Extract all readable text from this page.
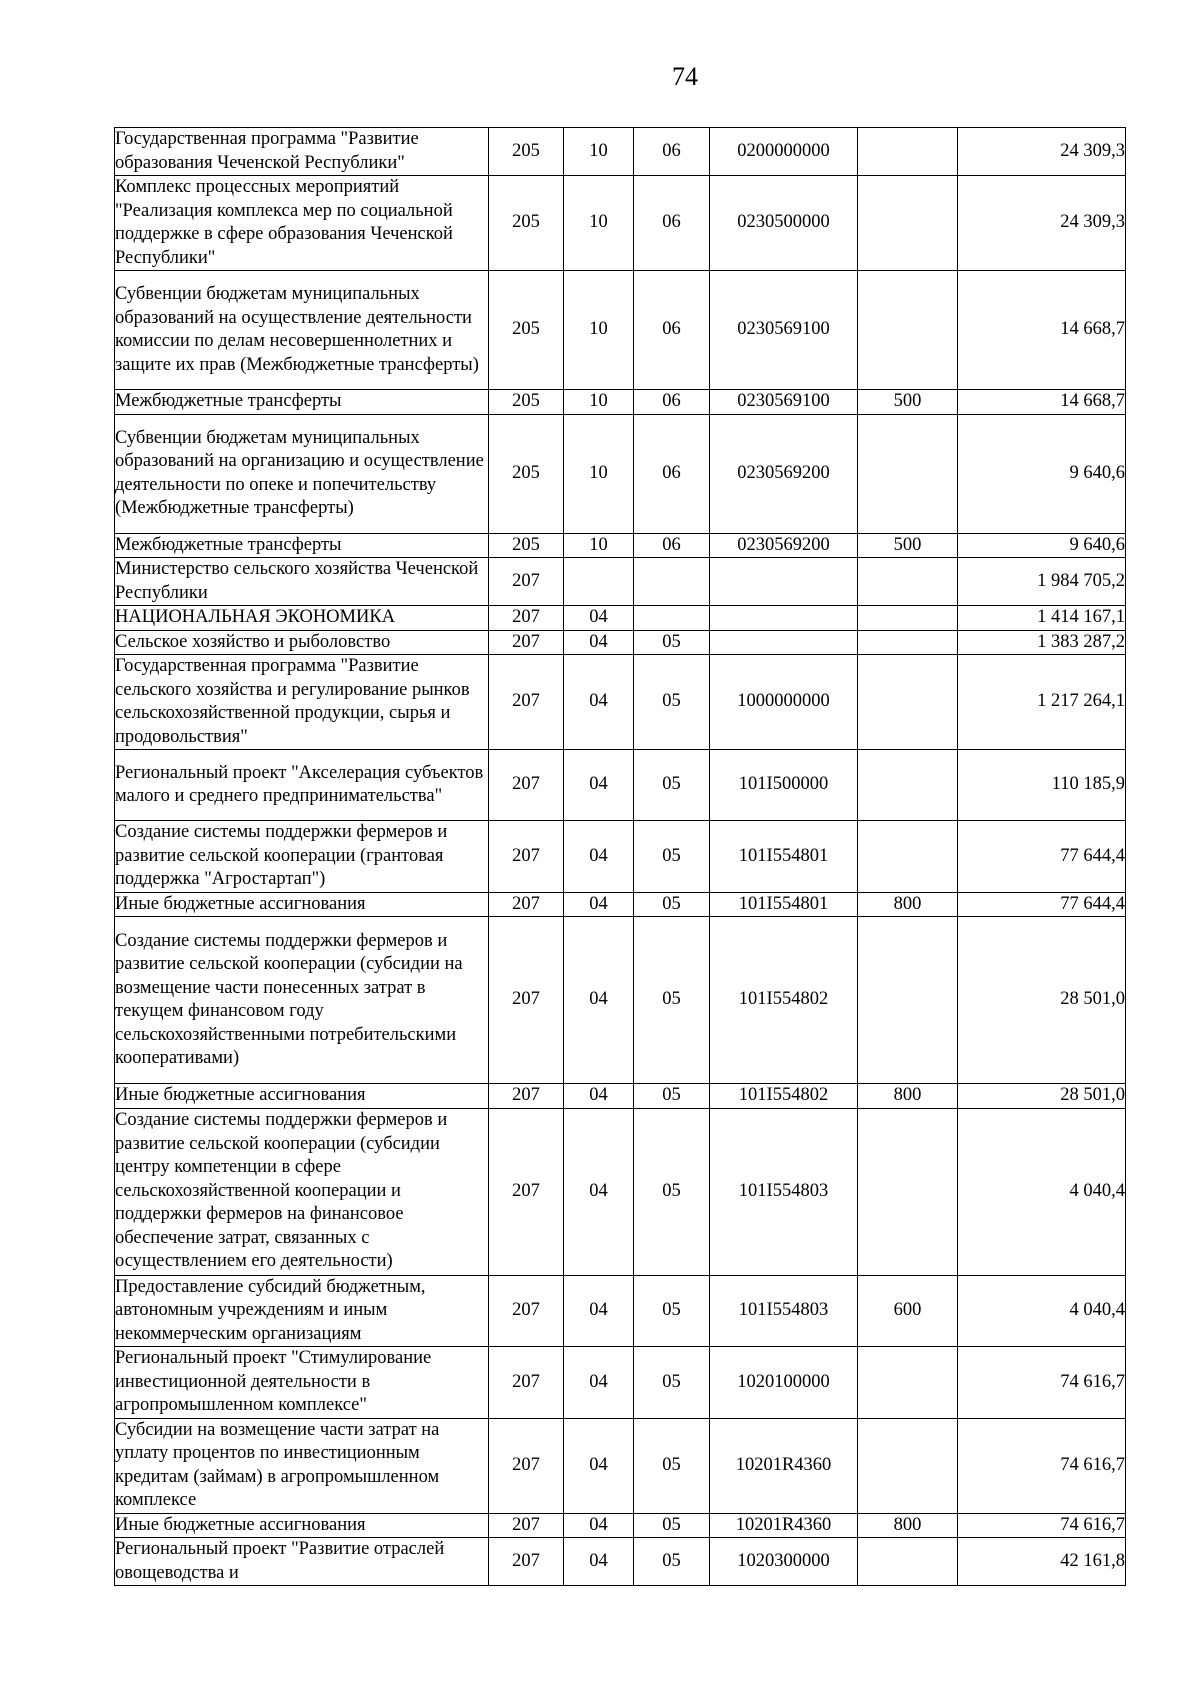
74
Государственная программа "Развитие образования Чеченской Республики"	205	10	06	0200000000		24 309,3
Комплекс процессных мероприятий "Реализация комплекса мер по социальной поддержке в сфере образования Чеченской Республики"	205	10	06	0230500000		24 309,3
Субвенции бюджетам муниципальных образований на осуществление деятельности комиссии по делам несовершеннолетних и защите их прав (Межбюджетные трансферты)	205	10	06	0230569100		14 668,7
Межбюджетные трансферты	205	10	06	0230569100	500	14 668,7
Субвенции бюджетам муниципальных образований на организацию и осуществление деятельности по опеке и попечительству (Межбюджетные трансферты)	205	10	06	0230569200		9 640,6
Межбюджетные трансферты	205	10	06	0230569200	500	9 640,6
Министерство сельского хозяйства Чеченской Республики	207					1 984 705,2
НАЦИОНАЛЬНАЯ ЭКОНОМИКА	207	04				1 414 167,1
Сельское хозяйство и рыболовство	207	04	05			1 383 287,2
Государственная программа "Развитие сельского хозяйства и регулирование рынков сельскохозяйственной продукции, сырья и продовольствия"	207	04	05	1000000000		1 217 264,1
Региональный проект "Акселерация субъектов малого и среднего предпринимательства"	207	04	05	101I500000		110 185,9
Создание системы поддержки фермеров и развитие сельской кооперации (грантовая поддержка "Агростартап")	207	04	05	101I554801		77 644,4
Иные бюджетные ассигнования	207	04	05	101I554801	800	77 644,4
Создание системы поддержки фермеров и развитие сельской кооперации (субсидии на возмещение части понесенных затрат в текущем финансовом году сельскохозяйственными потребительскими кооперативами)	207	04	05	101I554802		28 501,0
Иные бюджетные ассигнования	207	04	05	101I554802	800	28 501,0
Создание системы поддержки фермеров и развитие сельской кооперации (субсидии центру компетенции в сфере сельскохозяйственной кооперации и поддержки фермеров на финансовое обеспечение затрат, связанных с осуществлением его деятельности)	207	04	05	101I554803		4 040,4
Предоставление субсидий бюджетным, автономным учреждениям и иным некоммерческим организациям	207	04	05	101I554803	600	4 040,4
Региональный проект "Стимулирование инвестиционной деятельности в агропромышленном комплексе"	207	04	05	1020100000		74 616,7
Субсидии на возмещение части затрат на уплату процентов по инвестиционным кредитам (займам) в агропромышленном комплексе	207	04	05	10201R4360		74 616,7
Иные бюджетные ассигнования	207	04	05	10201R4360	800	74 616,7
Региональный проект "Развитие отраслей овощеводства и	207	04	05	1020300000		42 161,8
